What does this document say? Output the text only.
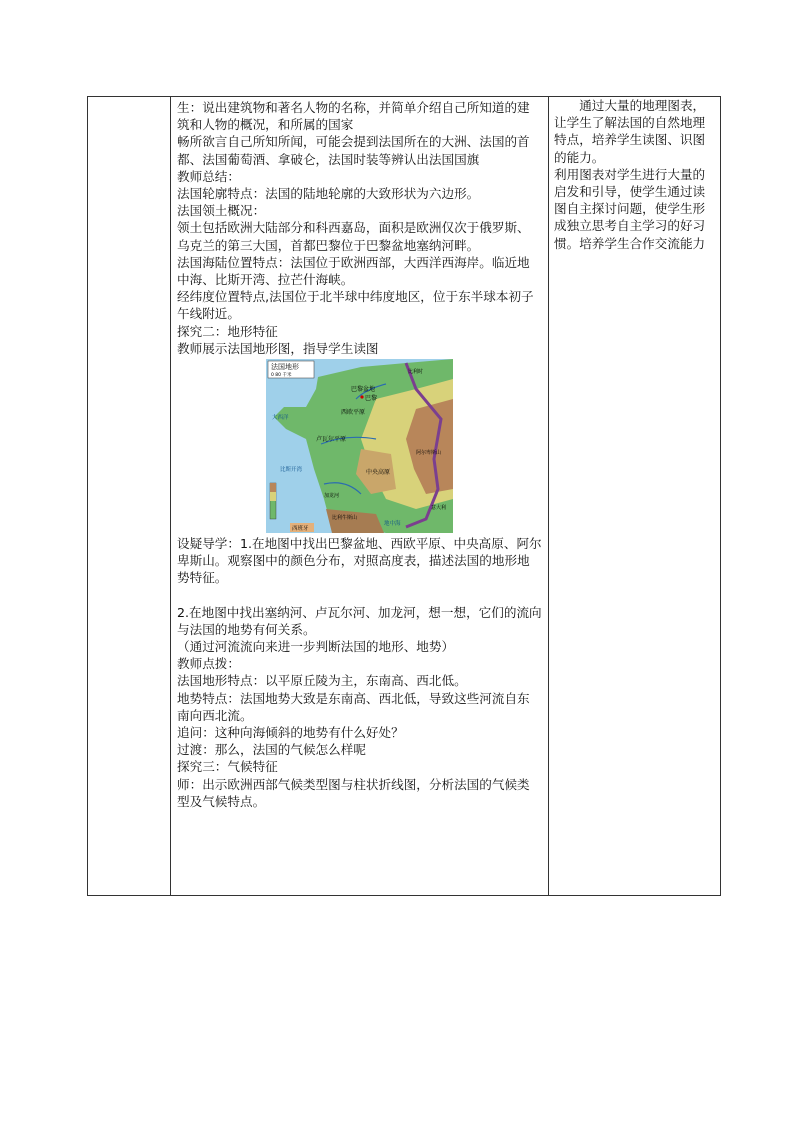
生：说出建筑物和著名人物的名称，并简单介绍自己所知道的建筑和人物的概况，和所属的国家

畅所欲言自己所知所闻，可能会提到法国所在的大洲、法国的首都、法国葡萄酒、拿破仑，法国时装等辨认出法国国旗

教师总结：

法国轮廓特点：法国的陆地轮廓的大致形状为六边形。

法国领土概况：

领土包括欧洲大陆部分和科西嘉岛，面积是欧洲仅次于俄罗斯、乌克兰的第三大国，首都巴黎位于巴黎盆地塞纳河畔。

法国海陆位置特点：法国位于欧洲西部，大西洋西海岸。临近地中海、比斯开湾、拉芒什海峡。

经纬度位置特点,法国位于北半球中纬度地区，位于东半球本初子午线附近。

探究二：地形特征

教师展示法国地形图，指导学生读图

法国地形
0 80 千米
巴黎盆地
巴黎
西欧平原
卢瓦尔平原
中央高原
加龙河
地中海
比斯开湾
大西洋
比利时
阿尔卑斯山
比利牛斯山
西班牙
意大利

设疑导学：1.在地图中找出巴黎盆地、西欧平原、中央高原、阿尔卑斯山。观察图中的颜色分布，对照高度表，描述法国的地形地势特征。

2.在地图中找出塞纳河、卢瓦尔河、加龙河，想一想，它们的流向与法国的地势有何关系。

（通过河流流向来进一步判断法国的地形、地势）

教师点拨：

法国地形特点：以平原丘陵为主，东南高、西北低。

地势特点：法国地势大致是东南高、西北低，导致这些河流自东南向西北流。

追问：这种向海倾斜的地势有什么好处？

过渡：那么，法国的气候怎么样呢

探究三：气候特征

师：出示欧洲西部气候类型图与柱状折线图，分析法国的气候类型及气候特点。

通过大量的地理图表，让学生了解法国的自然地理特点，培养学生读图、识图的能力。

利用图表对学生进行大量的启发和引导，使学生通过读图自主探讨问题，使学生形成独立思考自主学习的好习惯。培养学生合作交流能力
